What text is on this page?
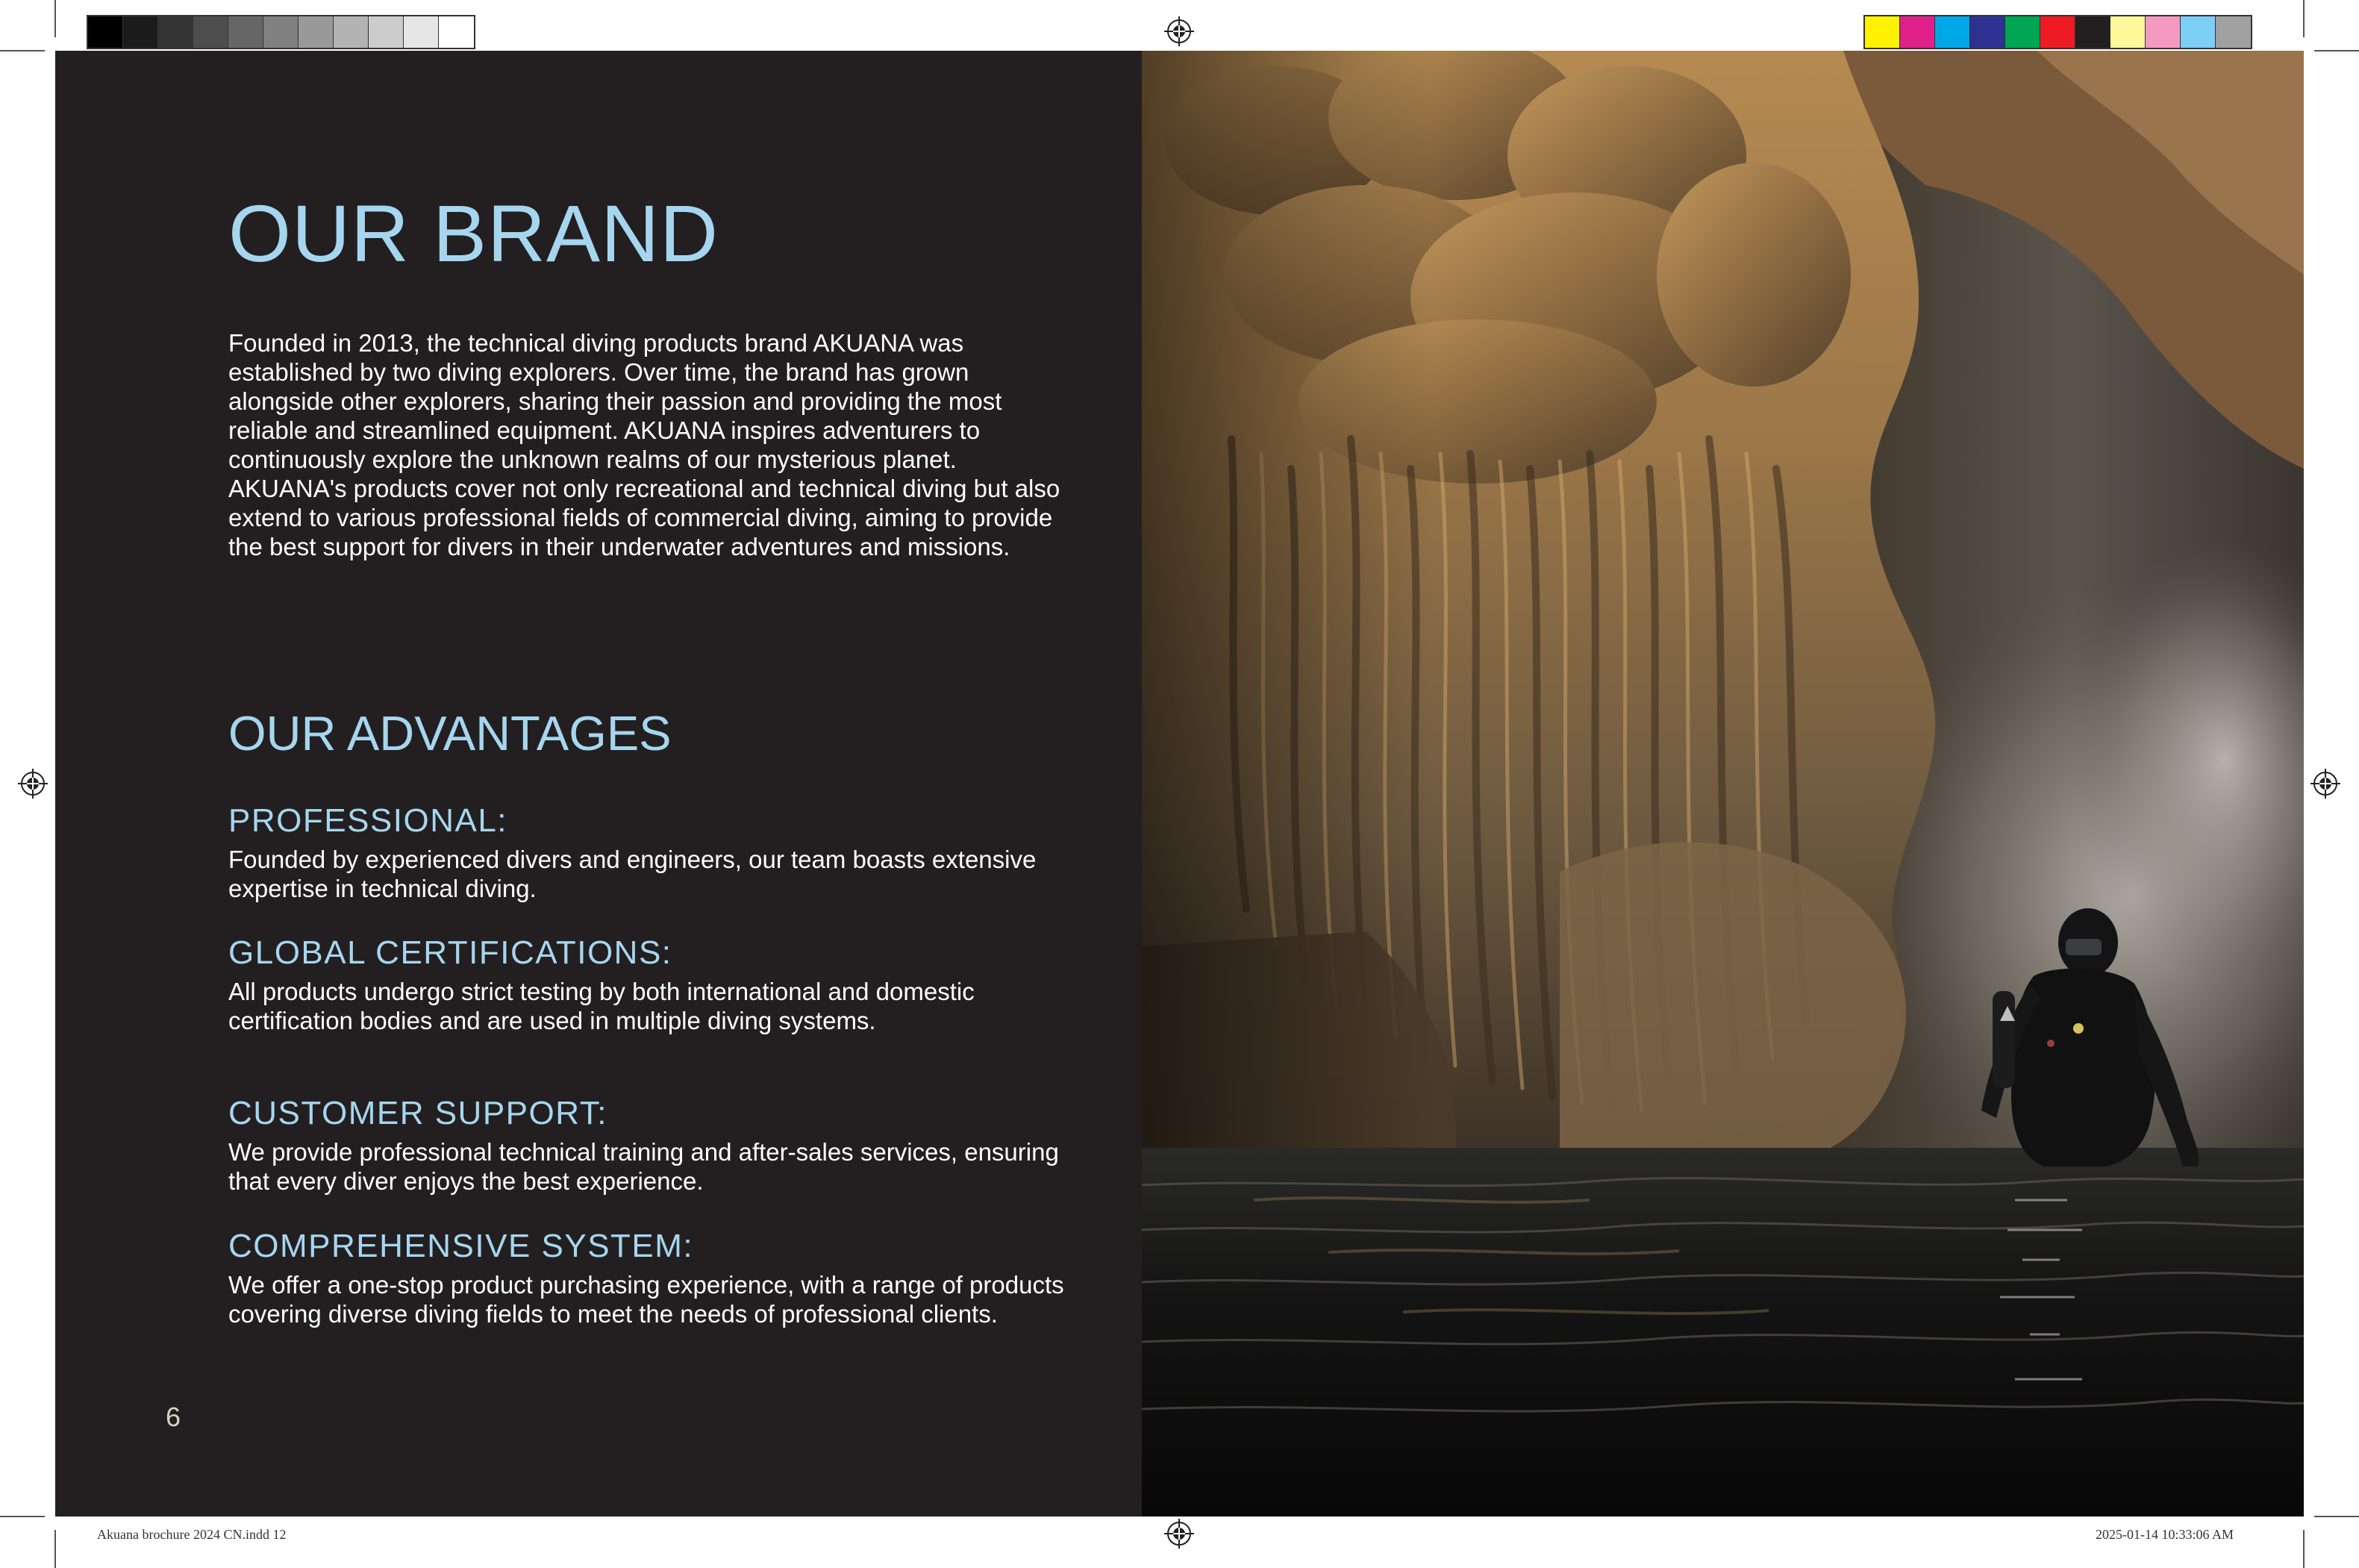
OUR BRAND

Founded in 2013, the technical diving products brand AKUANA was established by two diving explorers. Over time, the brand has grown alongside other explorers, sharing their passion and providing the most reliable and streamlined equipment. AKUANA inspires adventurers to continuously explore the unknown realms of our mysterious planet. AKUANA's products cover not only recreational and technical diving but also extend to various professional fields of commercial diving, aiming to provide the best support for divers in their underwater adventures and missions.

OUR ADVANTAGES
PROFESSIONAL:

Founded by experienced divers and engineers, our team boasts extensive expertise in technical diving.

GLOBAL CERTIFICATIONS:

All products undergo strict testing by both international and domestic certification bodies and are used in multiple diving systems.

CUSTOMER SUPPORT:

We provide professional technical training and after-sales services, ensuring that every diver enjoys the best experience.

COMPREHENSIVE SYSTEM:

We offer a one-stop product purchasing experience, with a range of products covering diverse diving fields to meet the needs of professional clients.

6

Akuana brochure 2024 CN.indd 12	2025-01-14 10:33:06 AM
